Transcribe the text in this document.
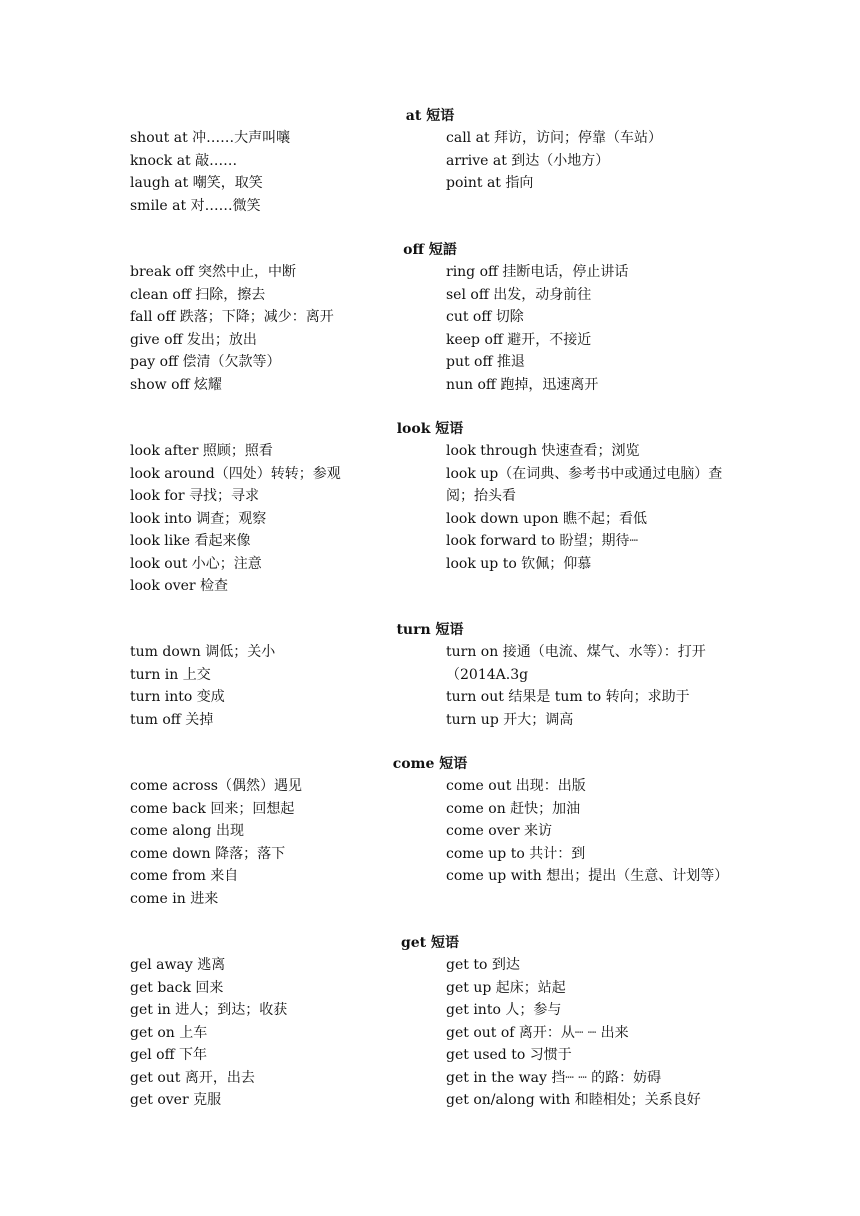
at 短语
shout at 冲……大声叫嚷
knock at 敲……
laugh at 嘲笑，取笑
smile at 对……微笑
call at 拜访，访问；停靠（车站）
arrive at 到达（小地方）
point at 指向
off 短語
break off 突然中止，中断
clean off 扫除，擦去
fall off 跌落；下降；减少：离开
give off 发出；放出
pay off 偿清（欠款等）
show off 炫耀
ring off 挂断电话，停止讲话
sel off 出发，动身前往
cut off 切除
keep off 避开，不接近
put off 推退
nun off 跑掉，迅速离开
look 短语
look after 照顾；照看
look around（四处）转转；参观
look for 寻找；寻求
look into 调查；观察
look like 看起来像
look out 小心；注意
look over 检查
look through 快速查看；浏览
look up（在词典、参考书中或通过电脑）查
阅；抬头看
look down upon 瞧不起；看低
look forward to 盼望；期待┈
look up to 钦佩；仰慕
turn 短语
tum down 调低；关小
turn in 上交
turn into 变成
tum off 关掉
turn on 接通（电流、煤气、水等）：打开
（2014A.3g
turn out 结果是 tum to 转向；求助于
turn up 开大；调高
come 短语
come across（偶然）遇见
come back 回来；回想起
come along 出现
come down 降落；落下
come from 来自
come in 进来
come out 出现：出版
come on 赶快；加油
come over 来访
come up to 共计：到
come up with 想出；提出（生意、计划等）
get 短语
gel away 逃离
get back 回来
get in 进人；到达；收获
get on 上车
gel off 下年
get out 离开，出去
get over 克服
get to 到达
get up 起床；站起
get into 人；参与
get out of 离开：从┈ ┈ 出来
get used to 习惯于
get in the way 挡┈ ┈ 的路：妨碍
get on/along with 和睦相处；关系良好
